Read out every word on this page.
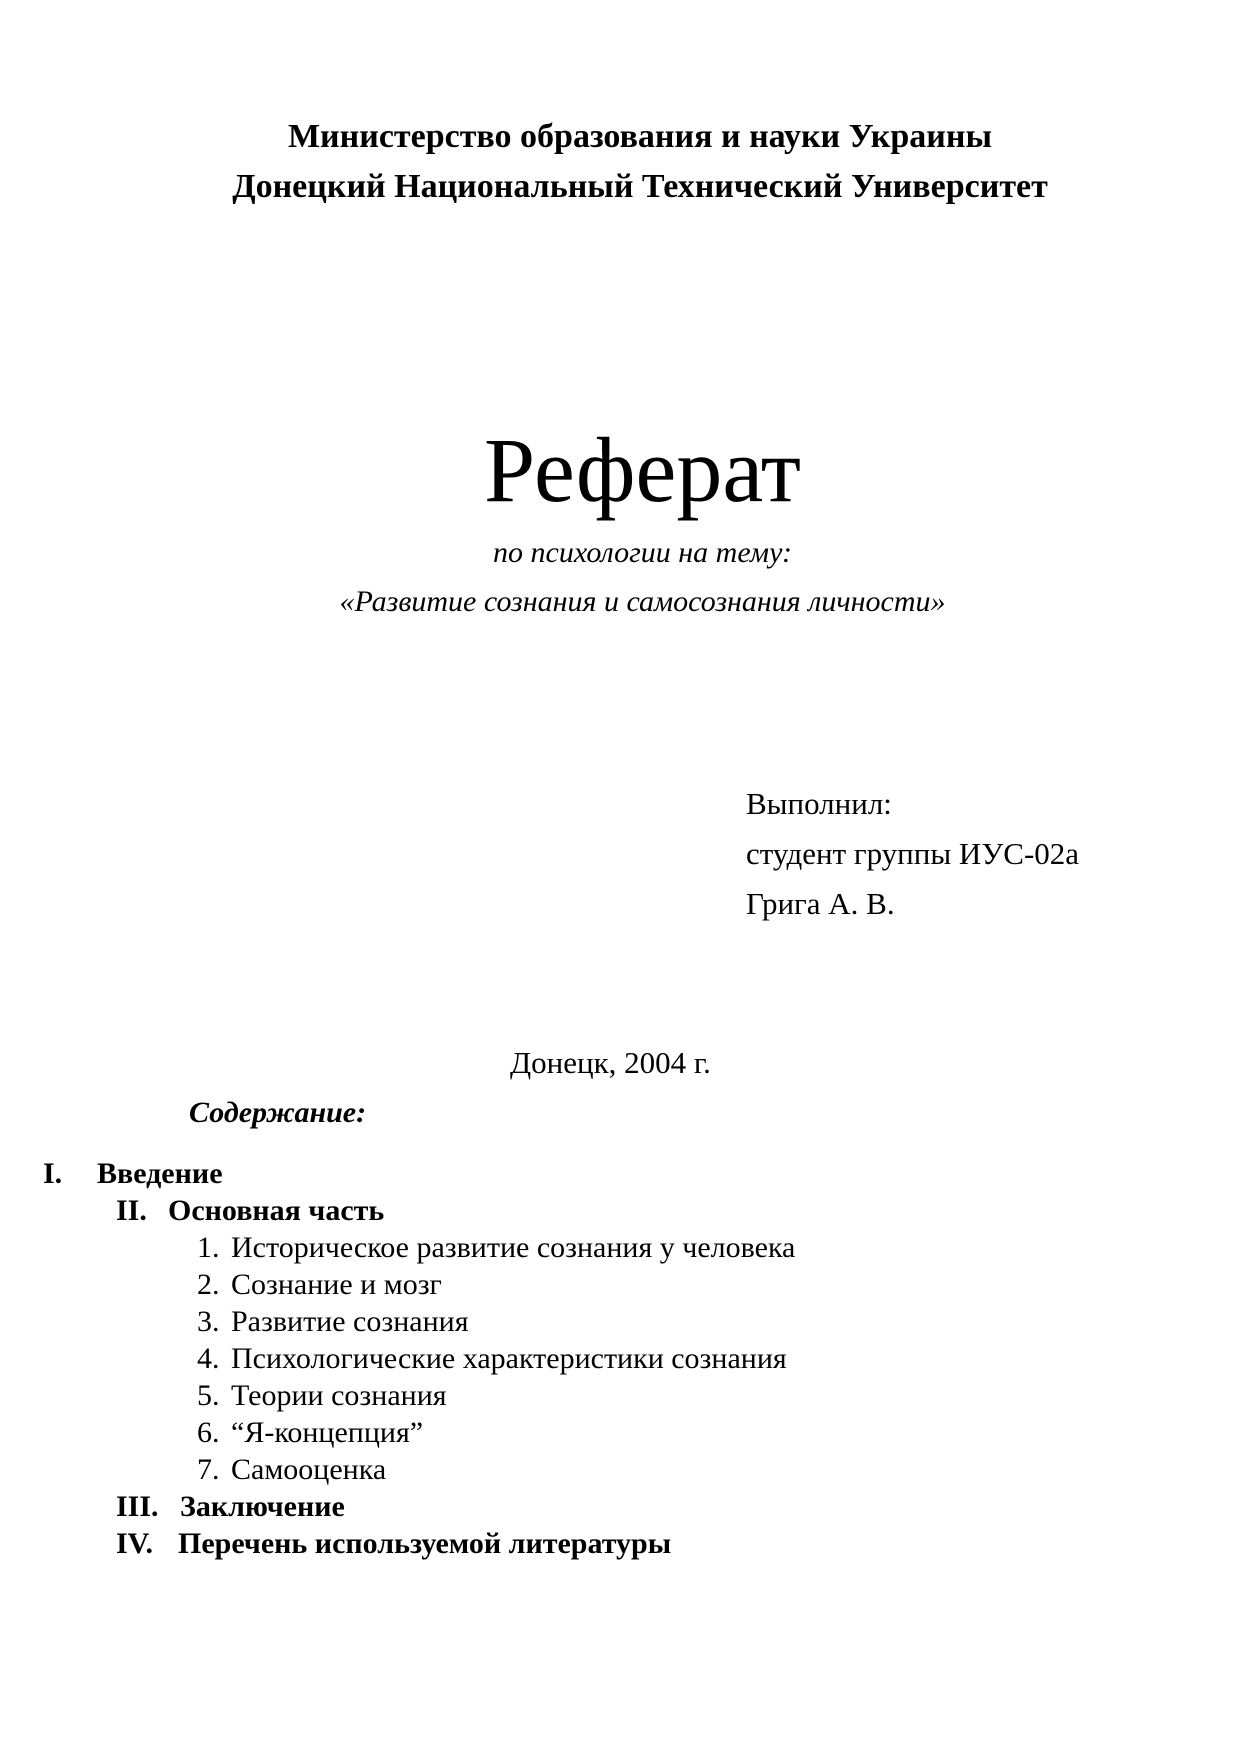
Министерство образования и науки Украины
Донецкий Национальный Технический Университет
Реферат
по психологии на тему:
«Развитие сознания и самосознания личности»
Выполнил:
студент группы ИУС-02а
Грига А. В.
Донецк, 2004 г.
Содержание:
I. Введение
II. Основная часть
1. Историческое развитие сознания у человека
2. Сознание и мозг
3. Развитие сознания
4. Психологические характеристики сознания
5. Теории сознания
6. “Я-концепция”
7. Самооценка
III. Заключение
IV. Перечень используемой литературы
